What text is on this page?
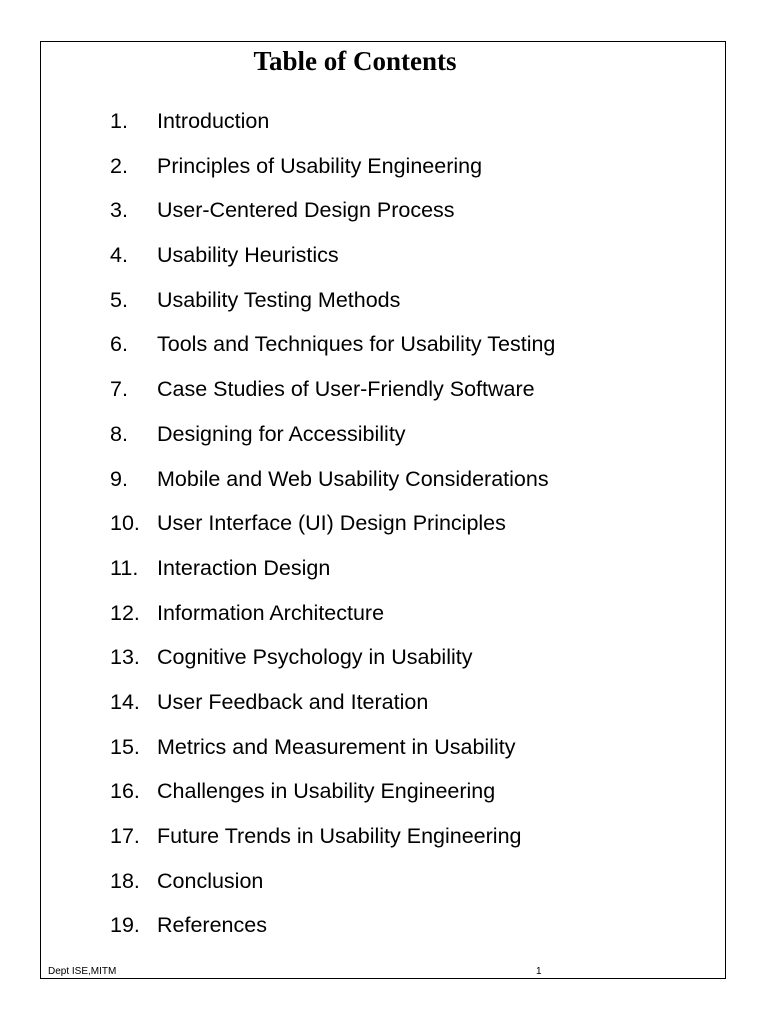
Table of Contents
1. Introduction
2. Principles of Usability Engineering
3. User-Centered Design Process
4. Usability Heuristics
5. Usability Testing Methods
6. Tools and Techniques for Usability Testing
7. Case Studies of User-Friendly Software
8. Designing for Accessibility
9. Mobile and Web Usability Considerations
10. User Interface (UI) Design Principles
11. Interaction Design
12. Information Architecture
13. Cognitive Psychology in Usability
14. User Feedback and Iteration
15. Metrics and Measurement in Usability
16. Challenges in Usability Engineering
17. Future Trends in Usability Engineering
18. Conclusion
19. References
Dept ISE,MITM	1
